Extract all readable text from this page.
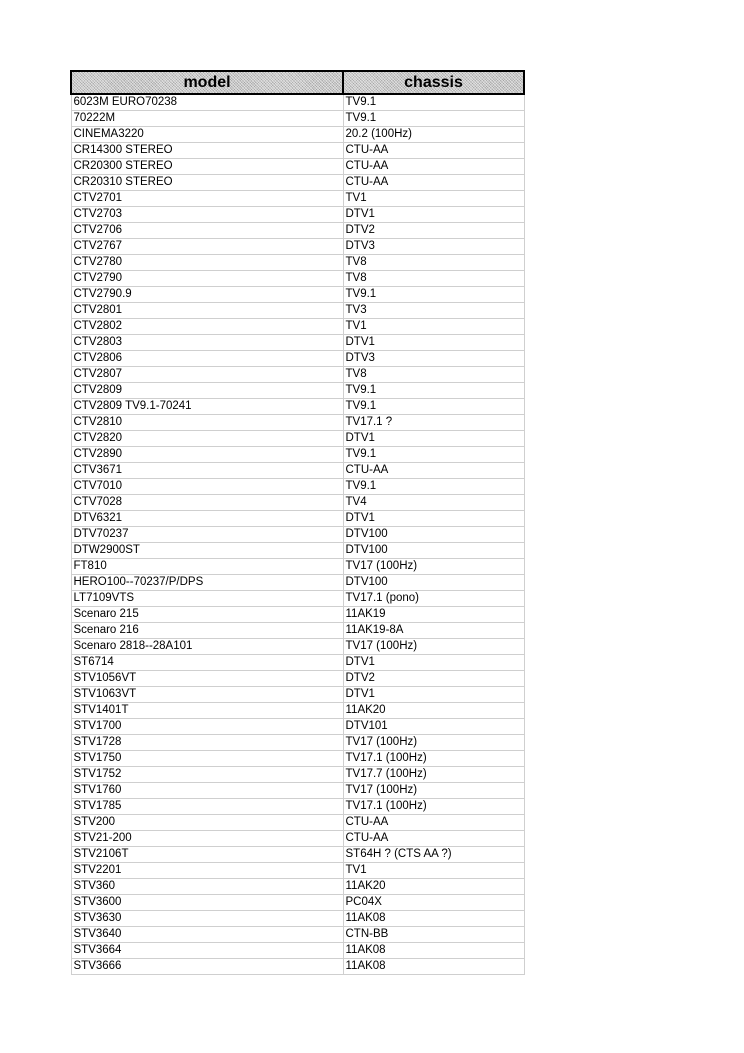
model	chassis
6023M EURO70238	TV9.1
70222M	TV9.1
CINEMA3220	20.2 (100Hz)
CR14300 STEREO	CTU-AA
CR20300 STEREO	CTU-AA
CR20310 STEREO	CTU-AA
CTV2701	TV1
CTV2703	DTV1
CTV2706	DTV2
CTV2767	DTV3
CTV2780	TV8
CTV2790	TV8
CTV2790.9	TV9.1
CTV2801	TV3
CTV2802	TV1
CTV2803	DTV1
CTV2806	DTV3
CTV2807	TV8
CTV2809	TV9.1
CTV2809 TV9.1-70241	TV9.1
CTV2810	TV17.1 ?
CTV2820	DTV1
CTV2890	TV9.1
CTV3671	CTU-AA
CTV7010	TV9.1
CTV7028	TV4
DTV6321	DTV1
DTV70237	DTV100
DTW2900ST	DTV100
FT810	TV17 (100Hz)
HERO100--70237/P/DPS	DTV100
LT7109VTS	TV17.1 (pono)
Scenaro 215	11AK19
Scenaro 216	11AK19-8A
Scenaro 2818--28A101	TV17 (100Hz)
ST6714	DTV1
STV1056VT	DTV2
STV1063VT	DTV1
STV1401T	11AK20
STV1700	DTV101
STV1728	TV17 (100Hz)
STV1750	TV17.1 (100Hz)
STV1752	TV17.7 (100Hz)
STV1760	TV17 (100Hz)
STV1785	TV17.1 (100Hz)
STV200	CTU-AA
STV21-200	CTU-AA
STV2106T	ST64H ? (CTS AA ?)
STV2201	TV1
STV360	11AK20
STV3600	PC04X
STV3630	11AK08
STV3640	CTN-BB
STV3664	11AK08
STV3666	11AK08
